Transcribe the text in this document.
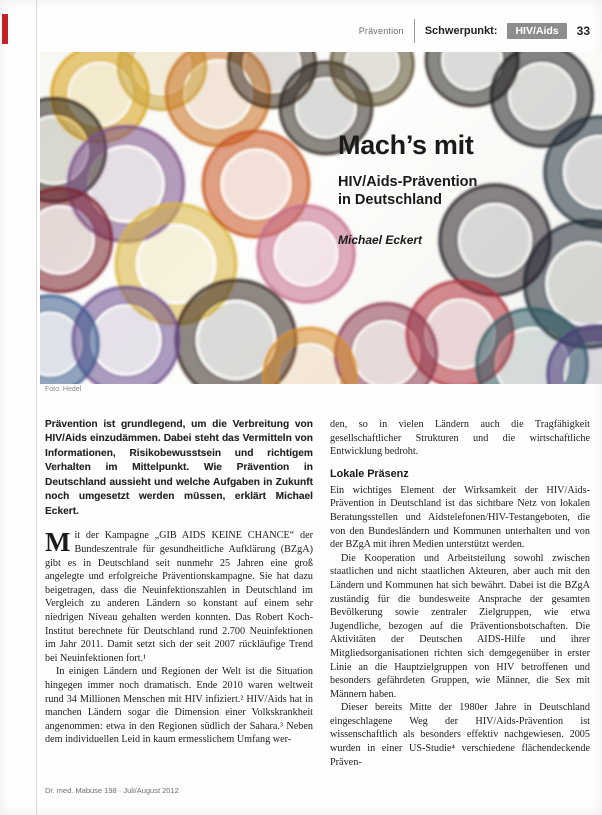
Prävention Schwerpunkt:	HIV/Aids	33
Mach’s mit

HIV/Aids-Prävention
in Deutschland

Michael Eckert

Foto: Hedel

Prävention ist grundlegend, um die Verbreitung von HIV/Aids einzudämmen. Dabei steht das Vermitteln von Informationen, Risikobewusstsein und richtigem Verhalten im Mittelpunkt. Wie Prävention in Deutschland aussieht und welche Aufgaben in Zukunft noch umgesetzt werden müssen, erklärt Michael Eckert.

Mit der Kampagne „GIB AIDS KEINE CHANCE“ der Bundeszentrale für gesundheitliche Aufklärung (BZgA) gibt es in Deutschland seit nunmehr 25 Jahren eine groß angelegte und erfolgreiche Präventionskampagne. Sie hat dazu beigetragen, dass die Neuinfektionszahlen in Deutschland im Vergleich zu anderen Ländern so konstant auf einem sehr niedrigen Niveau gehalten werden konnten. Das Robert Koch-Institut berechnete für Deutschland rund 2.700 Neuinfektionen im Jahr 2011. Damit setzt sich der seit 2007 rückläufige Trend bei Neuinfektionen fort.¹

In einigen Ländern und Regionen der Welt ist die Situation hingegen immer noch dramatisch. Ende 2010 waren weltweit rund 34 Millionen Menschen mit HIV infiziert.² HIV/Aids hat in manchen Ländern sogar die Dimension einer Volkskrankheit angenommen: etwa in den Regionen südlich der Sahara.³ Neben dem individuellen Leid in kaum ermesslichem Umfang wer-

den, so in vielen Ländern auch die Tragfähigkeit gesellschaftlicher Strukturen und die wirtschaftliche Entwicklung bedroht.

Lokale Präsenz

Ein wichtiges Element der Wirksamkeit der HIV/Aids-Prävention in Deutschland ist das sichtbare Netz von lokalen Beratungsstellen und Aidstelefonen/HIV-Testangeboten, die von den Bundesländern und Kommunen unterhalten und von der BZgA mit ihren Medien unterstützt werden.

Die Kooperation und Arbeitsteilung sowohl zwischen staatlichen und nicht staatlichen Akteuren, aber auch mit den Ländern und Kommunen hat sich bewährt. Dabei ist die BZgA zuständig für die bundesweite Ansprache der gesamten Bevölkerung sowie zentraler Zielgruppen, wie etwa Jugendliche, bezogen auf die Präventionsbotschaften. Die Aktivitäten der Deutschen AIDS-Hilfe und ihrer Mitgliedsorganisationen richten sich demgegenüber in erster Linie an die Hauptzielgruppen von HIV betroffenen und besonders gefährdeten Gruppen, wie Männer, die Sex mit Männern haben.

Dieser bereits Mitte der 1980er Jahre in Deutschland eingeschlagene Weg der HIV/Aids-Prävention ist wissenschaftlich als besonders effektiv nachgewiesen. 2005 wurden in einer US-Studie⁴ verschiedene flächendeckende Präven-

Dr. med. Mabuse 198 · Juli/August 2012
